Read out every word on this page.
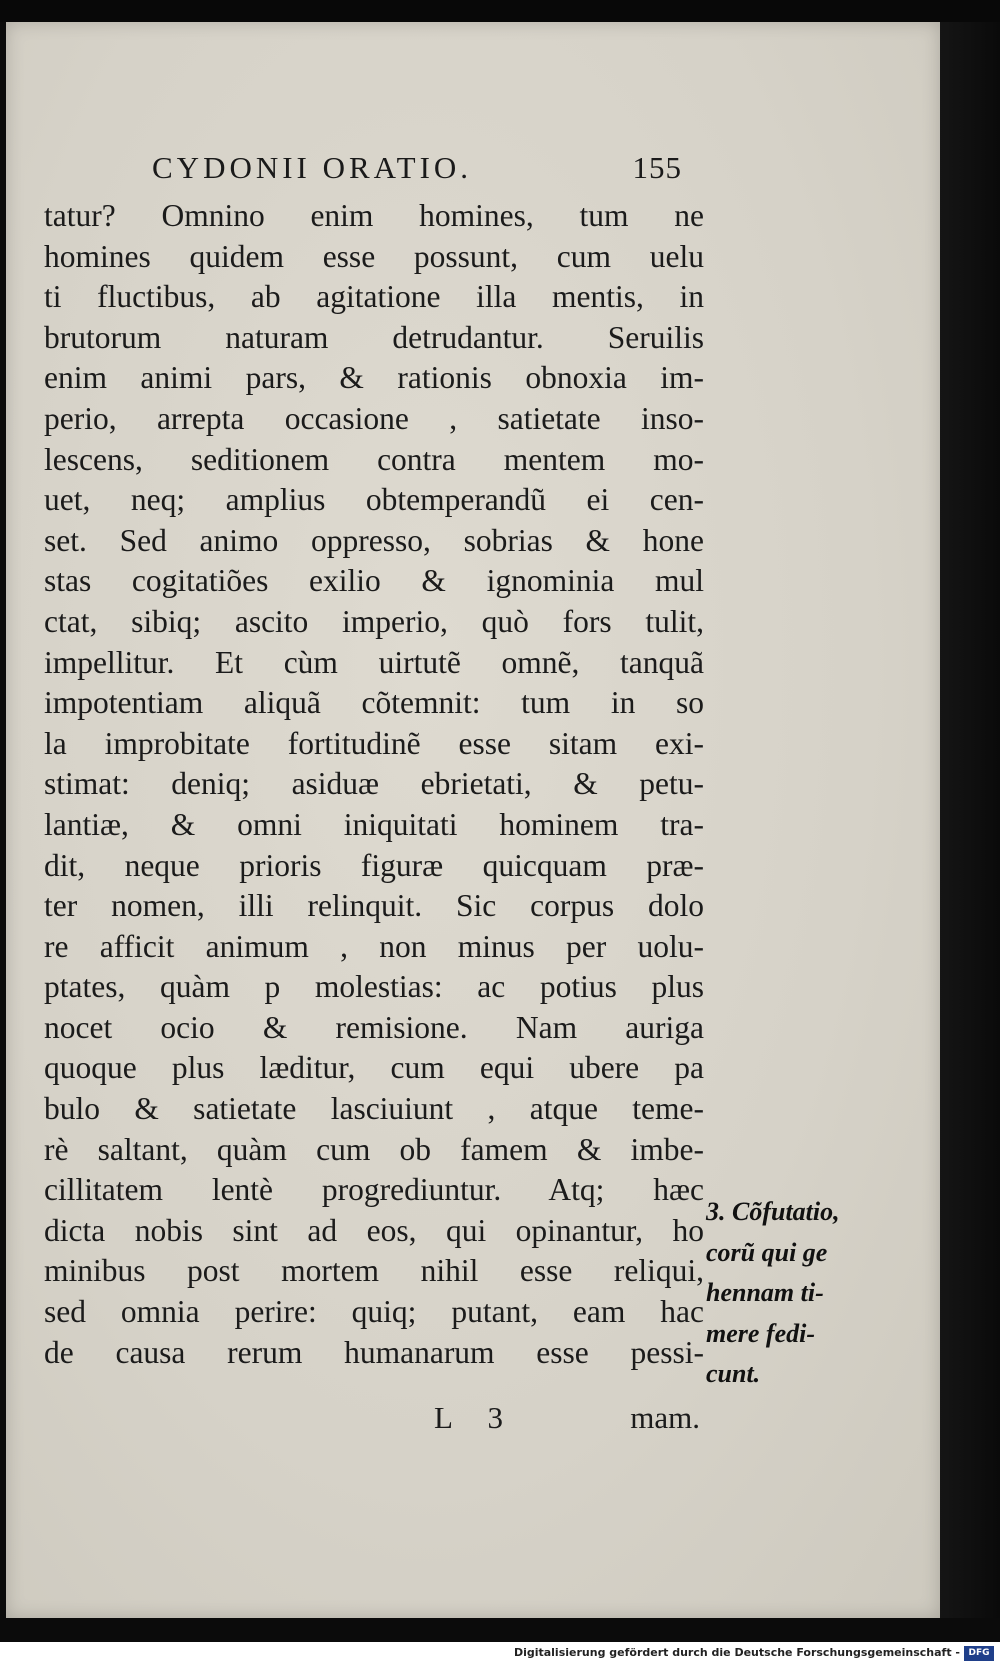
CYDONII ORATIO.	155
tatur? Omnino enim homines, tum ne
homines quidem esse possunt, cum uelu
ti fluctibus, ab agitatione illa mentis, in
brutorum naturam detrudantur. Seruilis
enim animi pars, & rationis obnoxia im-
perio, arrepta occasione , satietate inso-
lescens, seditionem contra mentem mo-
uet, neq; amplius obtemperandũ ei cen-
set. Sed animo oppresso, sobrias & hone
stas cogitatiões exilio & ignominia mul
ctat, sibiq; ascito imperio, quò fors tulit,
impellitur. Et cùm uirtutẽ omnẽ, tanquã
impotentiam aliquã cõtemnit: tum in so
la improbitate fortitudinẽ esse sitam exi-
stimat: deniq; asiduæ ebrietati, & petu-
lantiæ, & omni iniquitati hominem tra-
dit, neque prioris figuræ quicquam præ-
ter nomen, illi relinquit. Sic corpus dolo
re afficit animum , non minus per uolu-
ptates, quàm p molestias: ac potius plus
nocet ocio & remisione. Nam auriga
quoque plus læditur, cum equi ubere pa
bulo & satietate lasciuiunt , atque teme-
rè saltant, quàm cum ob famem & imbe-
cillitatem lentè progrediuntur. Atq; hæc
dicta nobis sint ad eos, qui opinantur, ho
minibus post mortem nihil esse reliqui,
sed omnia perire: quiq; putant, eam hac
de causa rerum humanarum esse pessi-
3. Cõfutatio,
corũ qui ge
hennam ti-
mere fedi-
cunt.
L 3	mam.
Digitalisierung gefördert durch die Deutsche Forschungsgemeinschaft - DFG
